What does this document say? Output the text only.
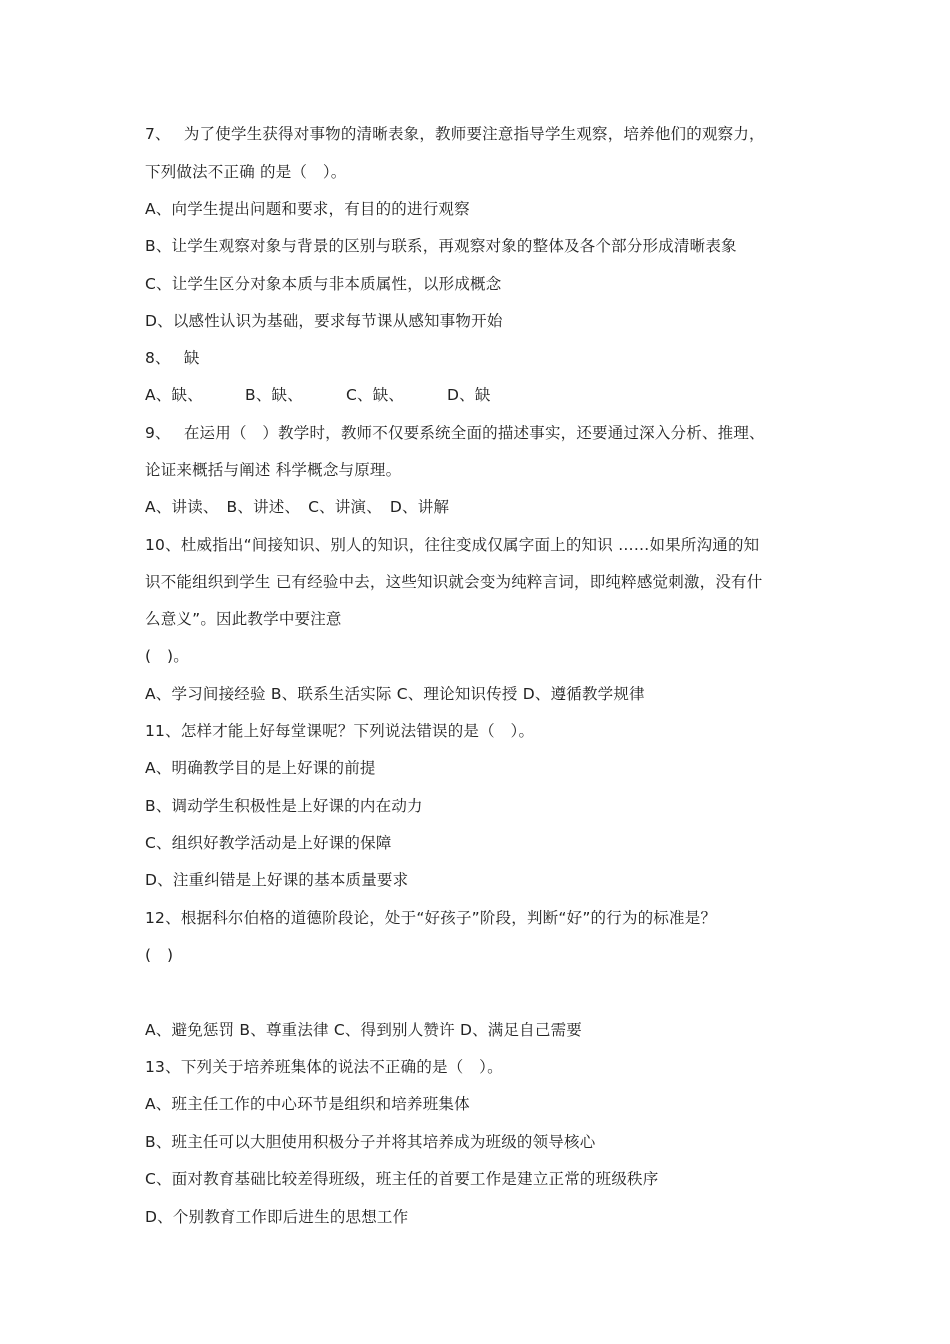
7、　 为了使学生获得对事物的清晰表象，教师要注意指导学生观察，培养他们的观察力，
下列做法不正确 的是（　）。
A、向学生提出问题和要求，有目的的进行观察
B、让学生观察对象与背景的区别与联系，再观察对象的整体及各个部分形成清晰表象
C、让学生区分对象本质与非本质属性，以形成概念
D、以感性认识为基础，要求每节课从感知事物开始
8、　 缺
A、缺、	B、缺、	C、缺、	D、缺
9、　 在运用（　）教学时，教师不仅要系统全面的描述事实，还要通过深入分析、推理、
论证来概括与阐述 科学概念与原理。
A、讲读、　B、讲述、　C、讲演、　D、讲解
10、杜威指出“间接知识、别人的知识，往往变成仅属字面上的知识 ……如果所沟通的知
识不能组织到学生 已有经验中去，这些知识就会变为纯粹言词，即纯粹感觉刺激，没有什
么意义”。因此教学中要注意
(　)。
A、学习间接经验 B、联系生活实际 C、理论知识传授 D、遵循教学规律
11、怎样才能上好每堂课呢？下列说法错误的是（　）。
A、明确教学目的是上好课的前提
B、调动学生积极性是上好课的内在动力
C、组织好教学活动是上好课的保障
D、注重纠错是上好课的基本质量要求
12、根据科尔伯格的道德阶段论，处于“好孩子”阶段，判断“好”的行为的标准是？
(　)
A、避免惩罚 B、尊重法律 C、得到别人赞许 D、满足自己需要
13、下列关于培养班集体的说法不正确的是（　）。
A、班主任工作的中心环节是组织和培养班集体
B、班主任可以大胆使用积极分子并将其培养成为班级的领导核心
C、面对教育基础比较差得班级，班主任的首要工作是建立正常的班级秩序
D、个别教育工作即后进生的思想工作
